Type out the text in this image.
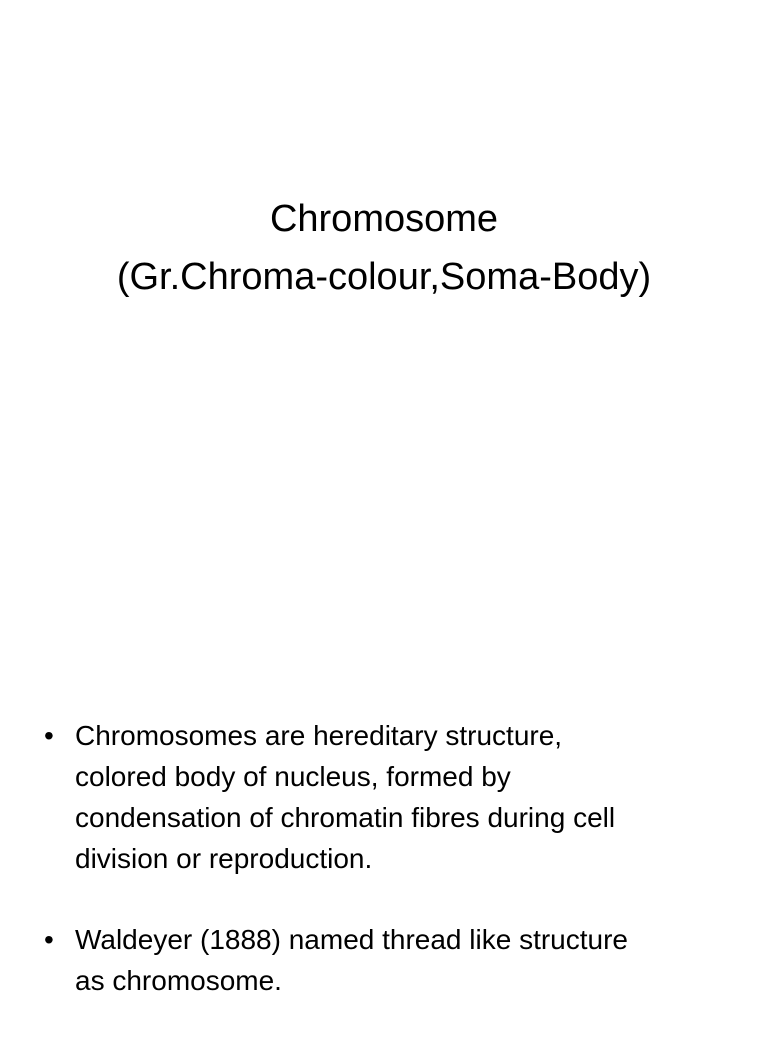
Chromosome
(Gr.Chroma-colour,Soma-Body)
• Chromosomes are hereditary structure,
colored body of nucleus, formed by
condensation of chromatin fibres during cell
division or reproduction.
• Waldeyer (1888) named thread like structure
as chromosome.
